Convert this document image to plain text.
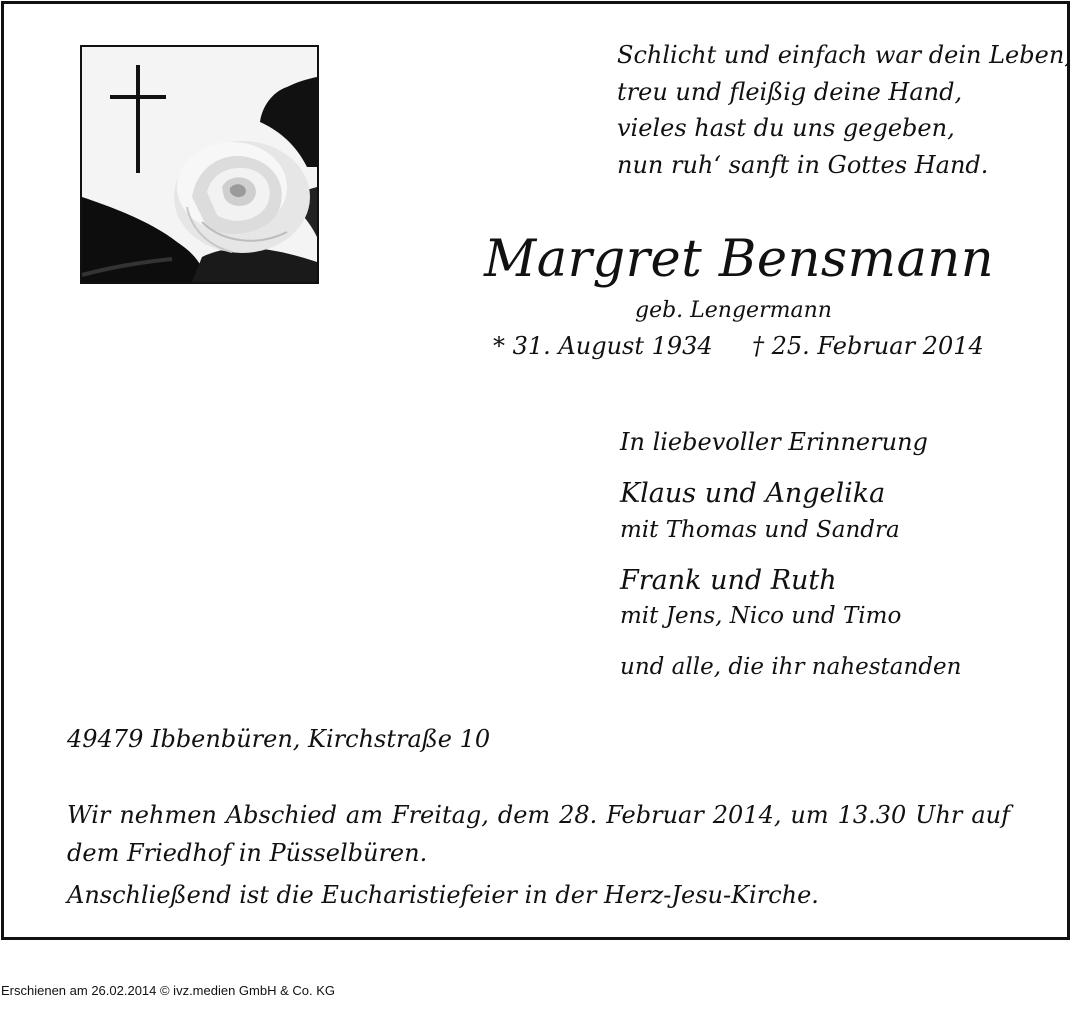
Schlicht und einfach war dein Leben,
treu und fleißig deine Hand,
vieles hast du uns gegeben,
nun ruh‘ sanft in Gottes Hand.
Margret Bensmann
geb. Lengermann
* 31. August 1934 † 25. Februar 2014
In liebevoller Erinnerung
Klaus und Angelika
mit Thomas und Sandra
Frank und Ruth
mit Jens, Nico und Timo
und alle, die ihr nahestanden
49479 Ibbenbüren, Kirchstraße 10
Wir nehmen Abschied am Freitag, dem 28. Februar 2014, um 13.30 Uhr auf dem Friedhof in Püsselbüren.
Anschließend ist die Eucharistiefeier in der Herz-Jesu-Kirche.
Erschienen am 26.02.2014 © ivz.medien GmbH & Co. KG
